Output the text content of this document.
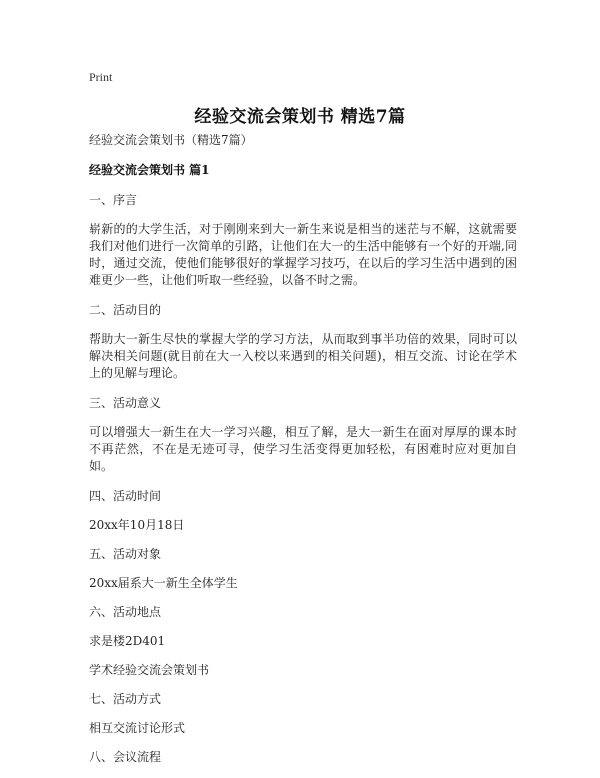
Print
经验交流会策划书 精选7篇
经验交流会策划书（精选7篇）
经验交流会策划书 篇1
一、序言
崭新的的大学生活，对于刚刚来到大一新生来说是相当的迷茫与不解，这就需要我们对他们进行一次简单的引路，让他们在大一的生活中能够有一个好的开端,同时，通过交流，使他们能够很好的掌握学习技巧，在以后的学习生活中遇到的困难更少一些，让他们听取一些经验，以备不时之需。
二、活动目的
帮助大一新生尽快的掌握大学的学习方法，从而取到事半功倍的效果，同时可以解决相关问题(就目前在大一入校以来遇到的相关问题)，相互交流、讨论在学术上的见解与理论。
三、活动意义
可以增强大一新生在大一学习兴趣，相互了解，是大一新生在面对厚厚的课本时不再茫然，不在是无迹可寻，使学习生活变得更加轻松，有困难时应对更加自如。
四、活动时间
20xx年10月18日
五、活动对象
20xx届系大一新生全体学生
六、活动地点
求是楼2D401
学术经验交流会策划书
七、活动方式
相互交流讨论形式
八、会议流程
